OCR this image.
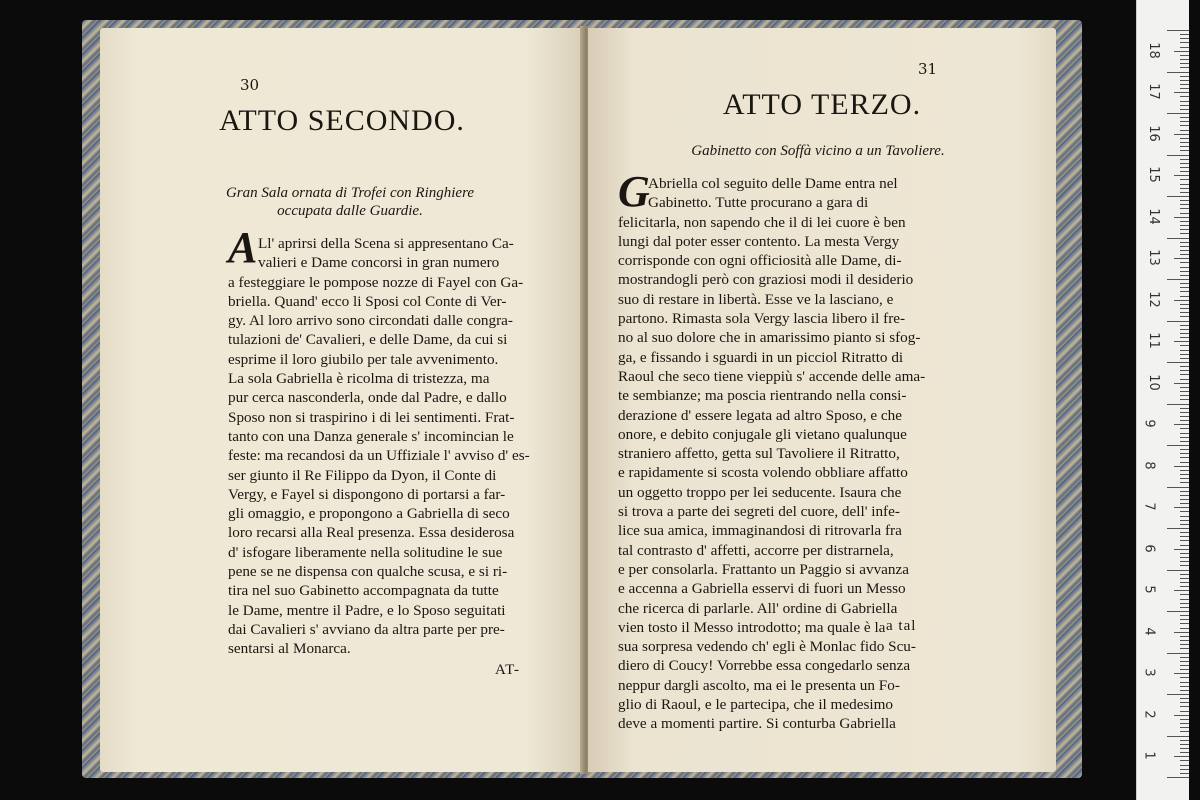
30
ATTO SECONDO.
Gran Sala ornata di Trofei con Ringhiere
occupata dalle Guardie.
A Ll' aprirsi della Scena si appresentano Ca-
valieri e Dame concorsi in gran numero
a festeggiare le pompose nozze di Fayel con Ga-
briella. Quand' ecco li Sposi col Conte di Ver-
gy. Al loro arrivo sono circondati dalle congra-
tulazioni de' Cavalieri, e delle Dame, da cui si
esprime il loro giubilo per tale avvenimento.
La sola Gabriella è ricolma di tristezza, ma
pur cerca nasconderla, onde dal Padre, e dallo
Sposo non si traspirino i di lei sentimenti. Frat-
tanto con una Danza generale s' incomincian le
feste: ma recandosi da un Uffiziale l' avviso d' es-
ser giunto il Re Filippo da Dyon, il Conte di
Vergy, e Fayel si dispongono di portarsi a far-
gli omaggio, e propongono a Gabriella di seco
loro recarsi alla Real presenza. Essa desiderosa
d' isfogare liberamente nella solitudine le sue
pene se ne dispensa con qualche scusa, e si ri-
tira nel suo Gabinetto accompagnata da tutte
le Dame, mentre il Padre, e lo Sposo seguitati
dai Cavalieri s' avviano da altra parte per pre-
sentarsi al Monarca.
AT-
31
ATTO TERZO.
Gabinetto con Soffà vicino a un Tavoliere.
G
Abriella col seguito delle Dame entra nel
Gabinetto. Tutte procurano a gara di
felicitarla, non sapendo che il di lei cuore è ben
lungi dal poter esser contento. La mesta Vergy
corrisponde con ogni officiosità alle Dame, di-
mostrandogli però con graziosi modi il desiderio
suo di restare in libertà. Esse ve la lasciano, e
partono. Rimasta sola Vergy lascia libero il fre-
no al suo dolore che in amarissimo pianto si sfog-
ga, e fissando i sguardi in un picciol Ritratto di
Raoul che seco tiene vieppiù s' accende delle ama-
te sembianze; ma poscia rientrando nella consi-
derazione d' essere legata ad altro Sposo, e che
onore, e debito conjugale gli vietano qualunque
straniero affetto, getta sul Tavoliere il Ritratto,
e rapidamente si scosta volendo obbliare affatto
un oggetto troppo per lei seducente. Isaura che
si trova a parte dei segreti del cuore, dell' infe-
lice sua amica, immaginandosi di ritrovarla fra
tal contrasto d' affetti, accorre per distrarnela,
e per consolarla. Frattanto un Paggio si avvanza
e accenna a Gabriella esservi di fuori un Messo
che ricerca di parlarle. All' ordine di Gabriella
vien tosto il Messo introdotto; ma quale è la
sua sorpresa vedendo ch' egli è Monlac fido Scu-
diero di Coucy! Vorrebbe essa congedarlo senza
neppur dargli ascolto, ma ei le presenta un Fo-
glio di Raoul, e le partecipa, che il medesimo
deve a momenti partire. Si conturba Gabriella
a tal
18
17
16
15
14
13
12
11
10
9
8
7
6
5
4
3
2
1
